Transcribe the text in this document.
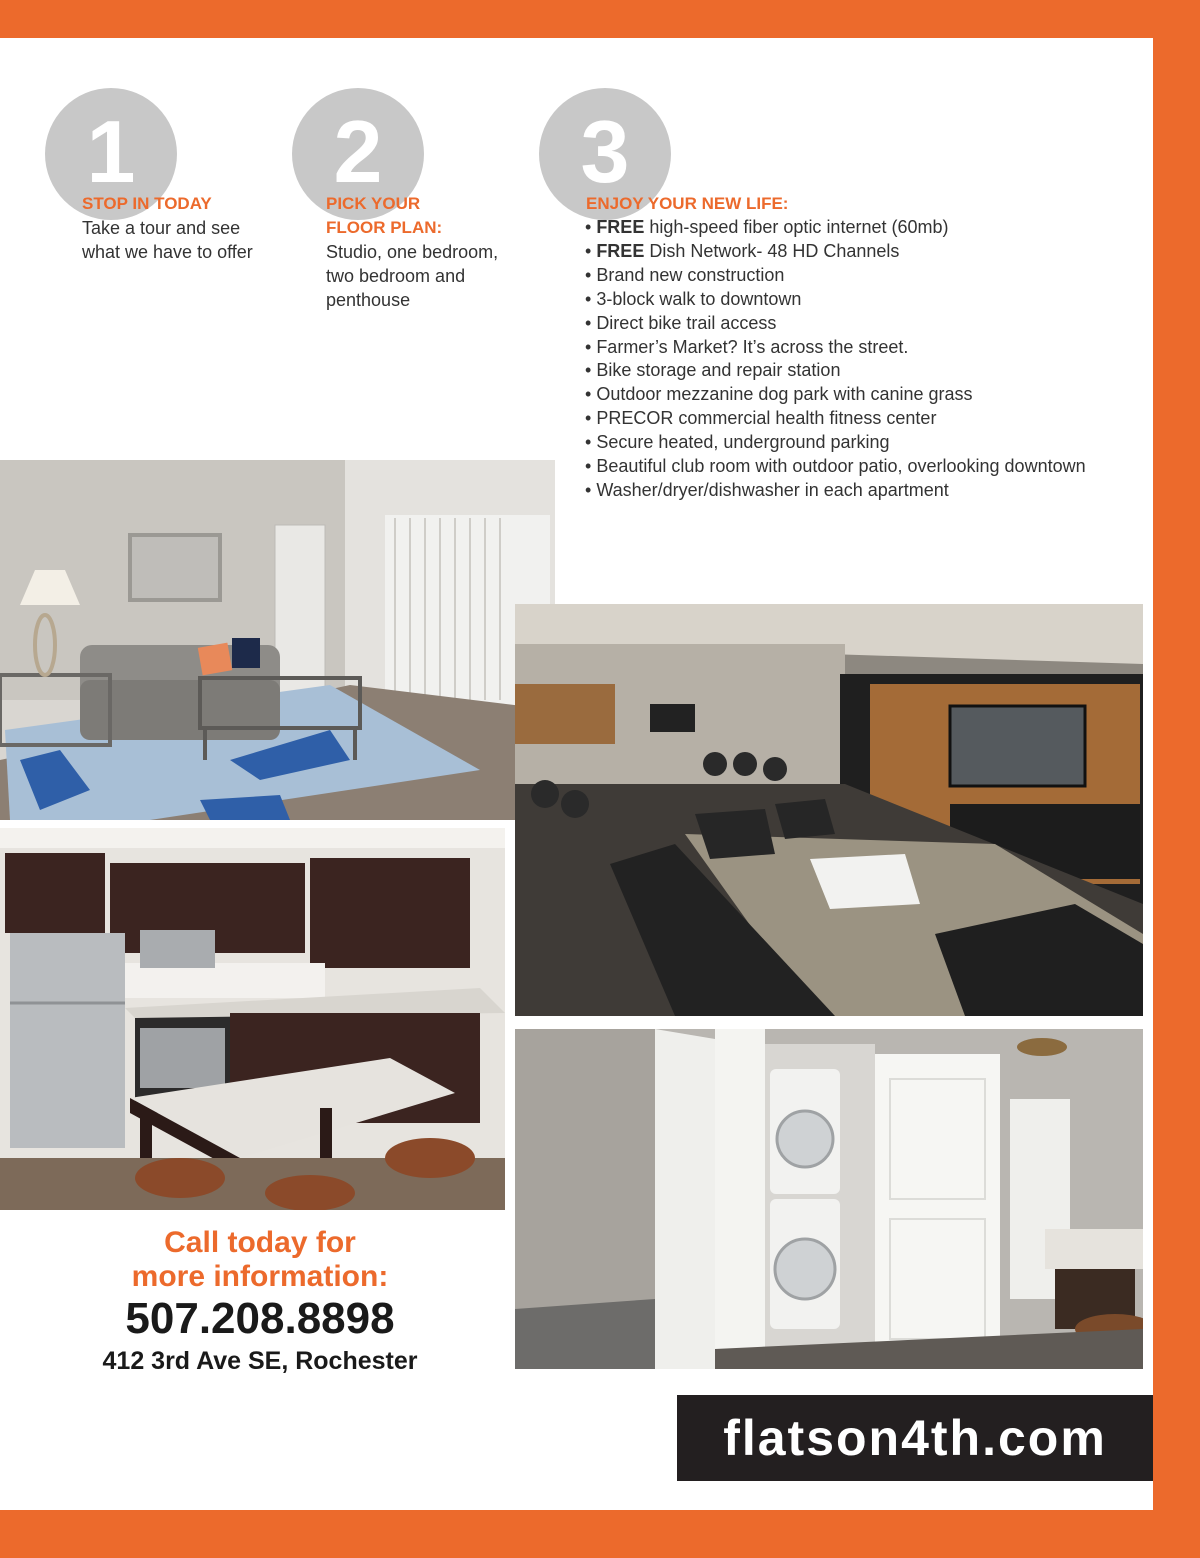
1
STOP IN TODAY
Take a tour and see
what we have to offer
2
PICK YOUR
FLOOR PLAN:
Studio, one bedroom,
two bedroom and
penthouse
3
ENJOY YOUR NEW LIFE:
• FREE high-speed fiber optic internet (60mb)
• FREE Dish Network- 48 HD Channels
• Brand new construction
• 3-block walk to downtown
• Direct bike trail access
• Farmer’s Market? It’s across the street.
• Bike storage and repair station
• Outdoor mezzanine dog park with canine grass
• PRECOR commercial health fitness center
• Secure heated, underground parking
• Beautiful club room with outdoor patio, overlooking downtown
• Washer/dryer/dishwasher in each apartment
Call today for
more information:
507.208.8898
412 3rd Ave SE, Rochester
flatson4th.com
